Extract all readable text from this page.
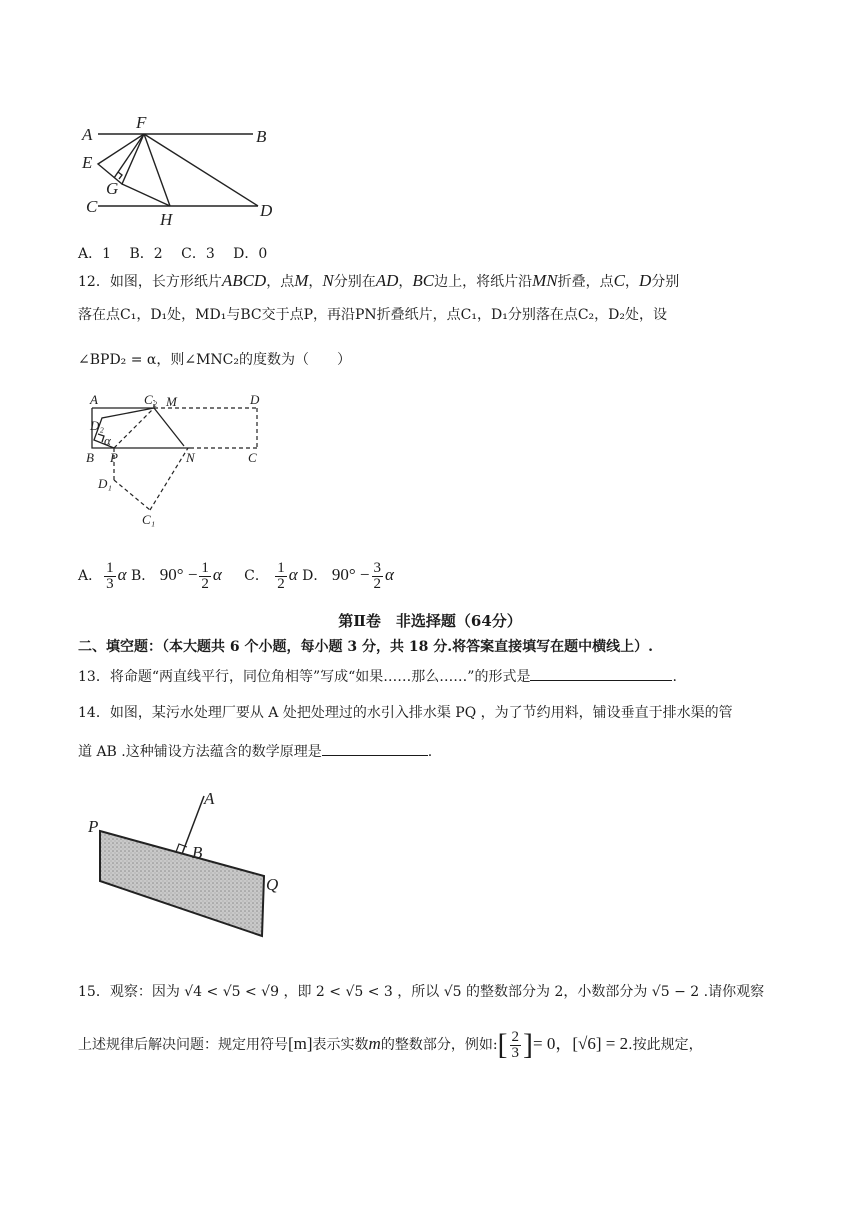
A
F
B
E
G
C
H	D
A．1　 B．2　 C．3　 D．0
12．如图，长方形纸片ABCD，点M，N分别在AD，BC边上，将纸片沿MN折叠，点C，D分别
落在点C₁，D₁处，MD₁与BC交于点P，再沿PN折叠纸片，点C₁，D₁分别落在点C₂，D₂处，设
∠BPD₂ = α，则∠MNC₂的度数为（　　）
A	C₂ M	D
D₂
α
B P	N	C
D₁
C₁
A． $\frac{1}{3}$ α B． $90^\circ - \frac{1}{2}$ α C． $\frac{1}{2}$ α D． $90^\circ - \frac{3}{2}$ α
第Ⅱ卷　非选择题（64分）
二、填空题：（本大题共 6 个小题，每小题 3 分，共 18 分.将答案直接填写在题中横线上）.
13．将命题“两直线平行，同位角相等”写成“如果……那么……”的形式是	.
14．如图，某污水处理厂要从 A 处把处理过的水引入排水渠 PQ ，为了节约用料，铺设垂直于排水渠的管
道 AB .这种铺设方法蕴含的数学原理是	.
A
P
B
Q
15．观察：因为 √4 < √5 < √9 ，即 2 < √5 < 3 ，所以 √5 的整数部分为 2，小数部分为 √5 − 2 .请你观察
上述规律后解决问题：规定用符号[m]表示实数m的整数部分，例如:[ $\frac{2}{3}$ ]= 0，[√6] = 2.按此规定，
